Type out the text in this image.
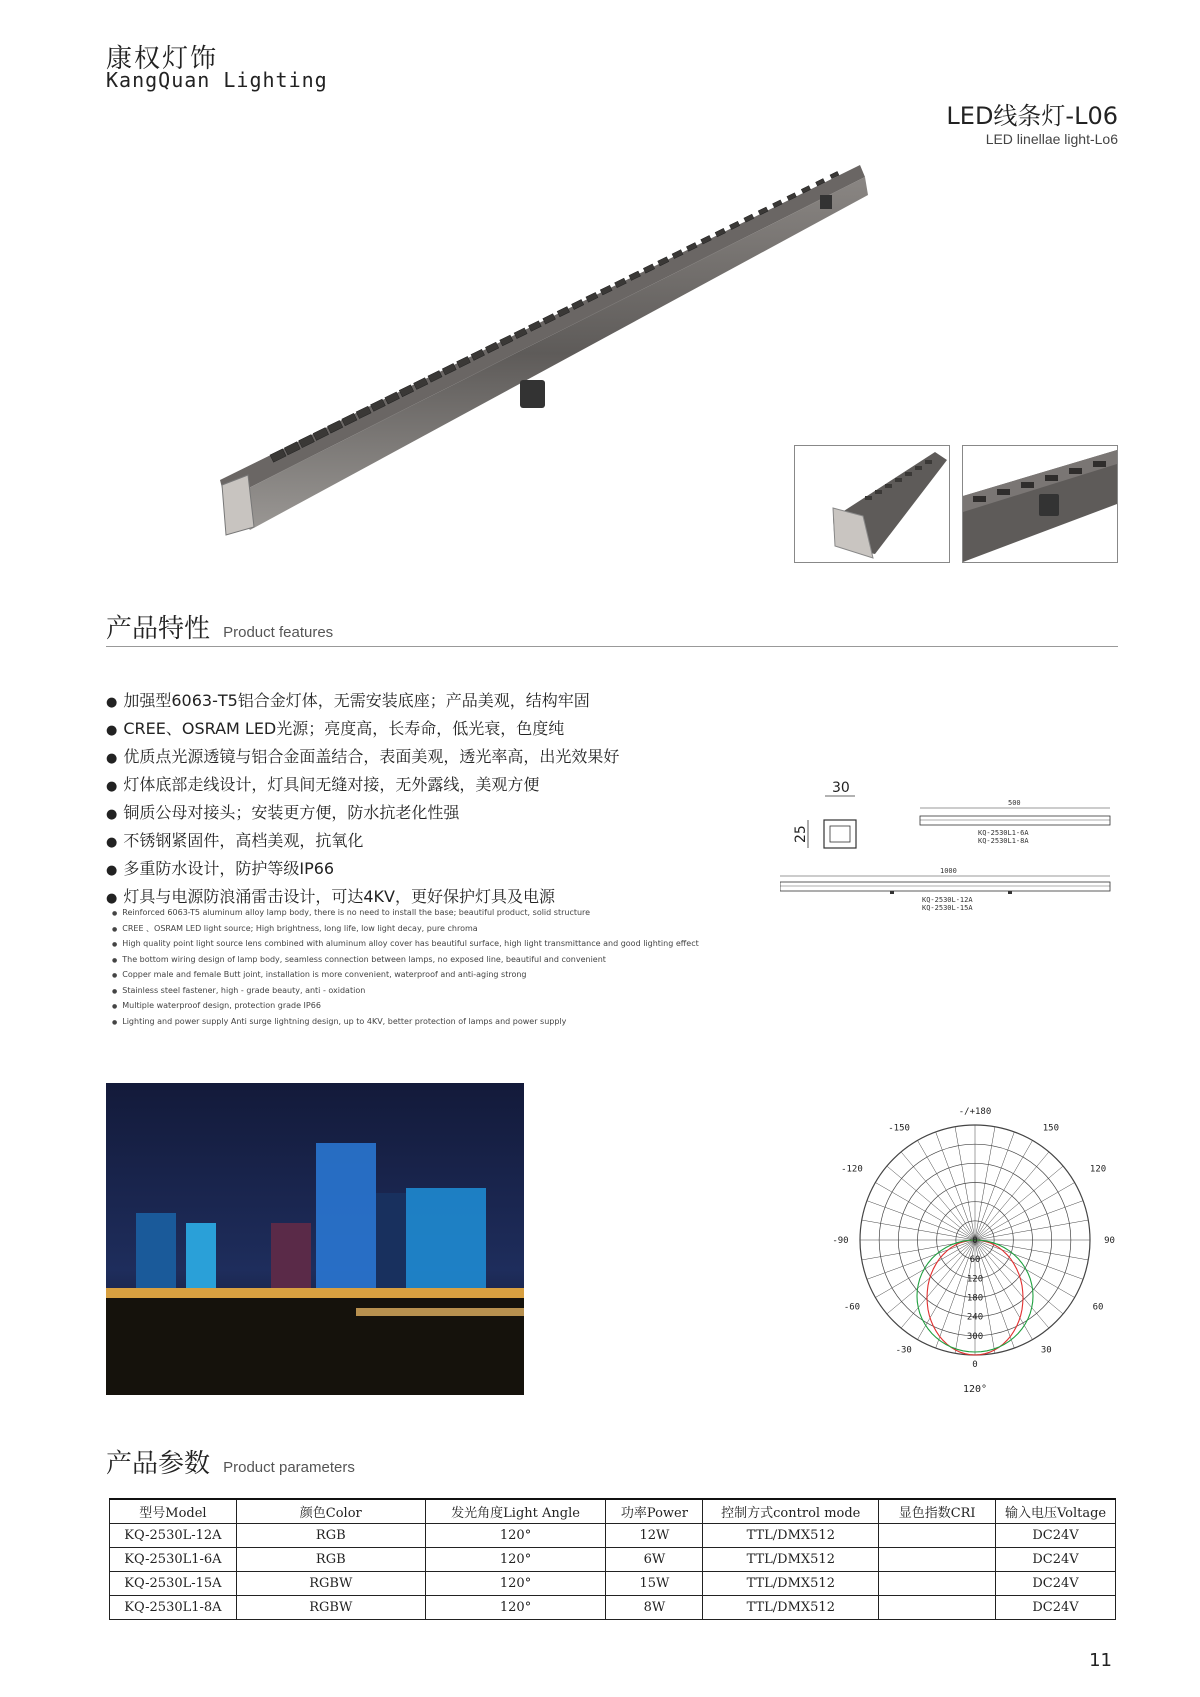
康权灯饰
KangQuan Lighting
LED线条灯-L06
LED linellae light-Lo6
产品特性 Product features
● 加强型6063-T5铝合金灯体，无需安装底座；产品美观，结构牢固
● CREE、OSRAM LED光源；亮度高，长寿命，低光衰，色度纯
● 优质点光源透镜与铝合金面盖结合，表面美观，透光率高，出光效果好
● 灯体底部走线设计，灯具间无缝对接，无外露线，美观方便
● 铜质公母对接头；安装更方便，防水抗老化性强
● 不锈钢紧固件，高档美观，抗氧化
● 多重防水设计，防护等级IP66
● 灯具与电源防浪涌雷击设计，可达4KV，更好保护灯具及电源
● Reinforced 6063-T5 aluminum alloy lamp body, there is no need to install the base; beautiful product, solid structure
● CREE 、OSRAM LED light source; High brightness, long life, low light decay, pure chroma
● High quality point light source lens combined with aluminum alloy cover has beautiful surface, high light transmittance and good lighting effect
● The bottom wiring design of lamp body, seamless connection between lamps, no exposed line, beautiful and convenient
● Copper male and female Butt joint, installation is more convenient, waterproof and anti-aging strong
● Stainless steel fastener, high - grade beauty, anti - oxidation
● Multiple waterproof design, protection grade IP66
● Lighting and power supply Anti surge lightning design, up to 4KV, better protection of lamps and power supply
30
25
500
KQ-2530L1-6A
KQ-2530L1-8A
1000
KQ-2530L-12A
KQ-2530L-15A
-/+180
-150	150
-120	120
-90	90
-60	60
-30	30
0
60
120
180
240
300
0
120°
产品参数 Product parameters
型号Model	颜色Color	发光角度Light Angle	功率Power	控制方式control mode	显色指数CRI	输入电压Voltage
KQ-2530L-12A	RGB	120°	12W	TTL/DMX512		DC24V
KQ-2530L1-6A	RGB	120°	6W	TTL/DMX512		DC24V
KQ-2530L-15A	RGBW	120°	15W	TTL/DMX512		DC24V
KQ-2530L1-8A	RGBW	120°	8W	TTL/DMX512		DC24V
11
